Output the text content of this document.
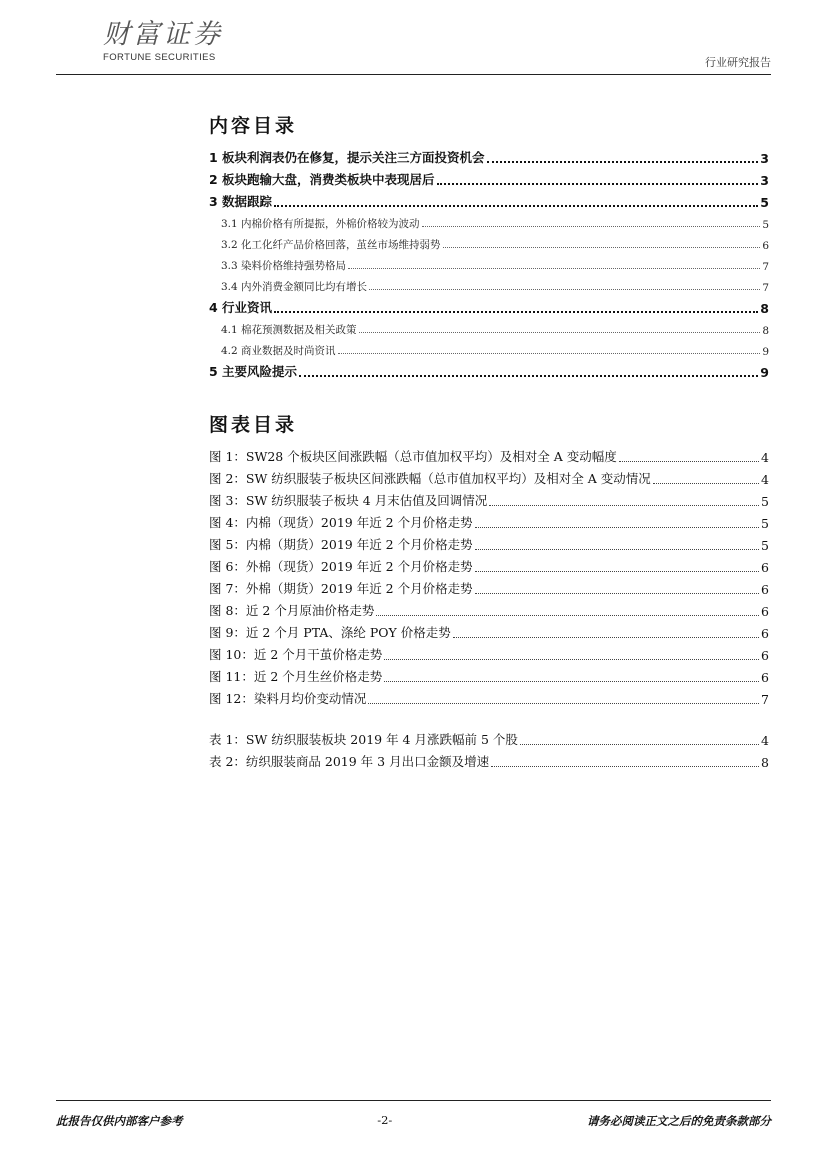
财富证券
FORTUNE SECURITIES	行业研究报告
内容目录
1 板块利润表仍在修复，提示关注三方面投资机会	3
2 板块跑输大盘，消费类板块中表现居后	3
3 数据跟踪	5
3.1 内棉价格有所提振，外棉价格较为波动	5
3.2 化工化纤产品价格回落，茧丝市场维持弱势	6
3.3 染料价格维持强势格局	7
3.4 内外消费金额同比均有增长	7
4 行业资讯	8
4.1 棉花预测数据及相关政策	8
4.2 商业数据及时尚资讯	9
5 主要风险提示	9
图表目录
图 1：SW28 个板块区间涨跌幅（总市值加权平均）及相对全 A 变动幅度	4
图 2：SW 纺织服装子板块区间涨跌幅（总市值加权平均）及相对全 A 变动情况	4
图 3：SW 纺织服装子板块 4 月末估值及回调情况	5
图 4：内棉（现货）2019 年近 2 个月价格走势	5
图 5：内棉（期货）2019 年近 2 个月价格走势	5
图 6：外棉（现货）2019 年近 2 个月价格走势	6
图 7：外棉（期货）2019 年近 2 个月价格走势	6
图 8：近 2 个月原油价格走势	6
图 9：近 2 个月 PTA、涤纶 POY 价格走势	6
图 10：近 2 个月干茧价格走势	6
图 11：近 2 个月生丝价格走势	6
图 12：染料月均价变动情况	7
表 1：SW 纺织服装板块 2019 年 4 月涨跌幅前 5 个股	4
表 2：纺织服装商品 2019 年 3 月出口金额及增速	8
此报告仅供内部客户参考	-2-	请务必阅读正文之后的免责条款部分
